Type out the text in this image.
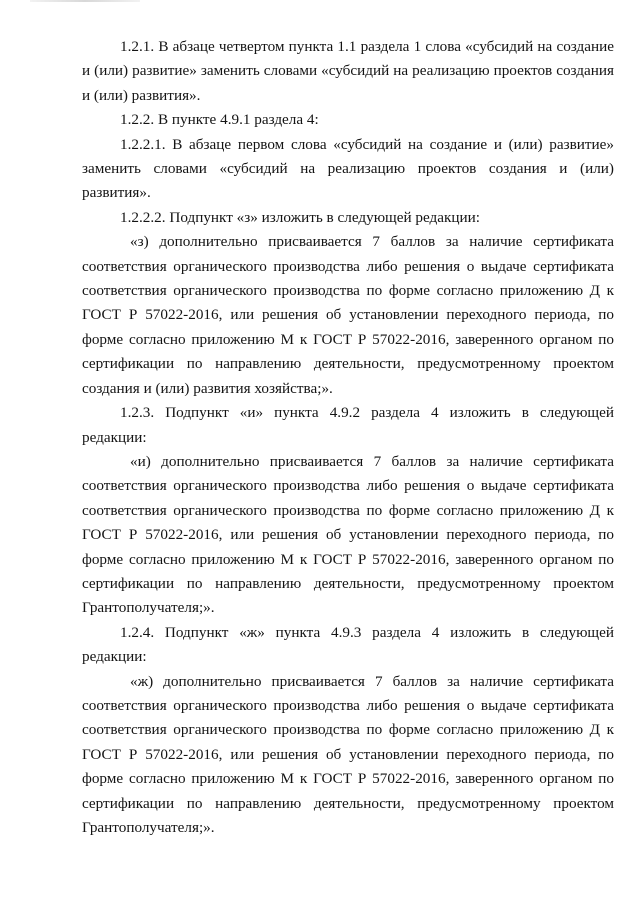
1.2.1. В абзаце четвертом пункта 1.1 раздела 1 слова «субсидий на создание и (или) развитие» заменить словами «субсидий на реализацию проектов создания и (или) развития».

1.2.2. В пункте 4.9.1 раздела 4:

1.2.2.1. В абзаце первом слова «субсидий на создание и (или) развитие» заменить словами «субсидий на реализацию проектов создания и (или) развития».

1.2.2.2. Подпункт «з» изложить в следующей редакции:

«з) дополнительно присваивается 7 баллов за наличие сертификата соответствия органического производства либо решения о выдаче сертификата соответствия органического производства по форме согласно приложению Д к ГОСТ Р 57022-2016, или решения об установлении переходного периода, по форме согласно приложению М к ГОСТ Р 57022-2016, заверенного органом по сертификации по направлению деятельности, предусмотренному проектом создания и (или) развития хозяйства;».

1.2.3. Подпункт «и» пункта 4.9.2 раздела 4 изложить в следующей редакции:

«и) дополнительно присваивается 7 баллов за наличие сертификата соответствия органического производства либо решения о выдаче сертификата соответствия органического производства по форме согласно приложению Д к ГОСТ Р 57022-2016, или решения об установлении переходного периода, по форме согласно приложению М к ГОСТ Р 57022-2016, заверенного органом по сертификации по направлению деятельности, предусмотренному проектом Грантополучателя;».

1.2.4. Подпункт «ж» пункта 4.9.3 раздела 4 изложить в следующей редакции:

«ж) дополнительно присваивается 7 баллов за наличие сертификата соответствия органического производства либо решения о выдаче сертификата соответствия органического производства по форме согласно приложению Д к ГОСТ Р 57022-2016, или решения об установлении переходного периода, по форме согласно приложению М к ГОСТ Р 57022-2016, заверенного органом по сертификации по направлению деятельности, предусмотренному проектом Грантополучателя;».
